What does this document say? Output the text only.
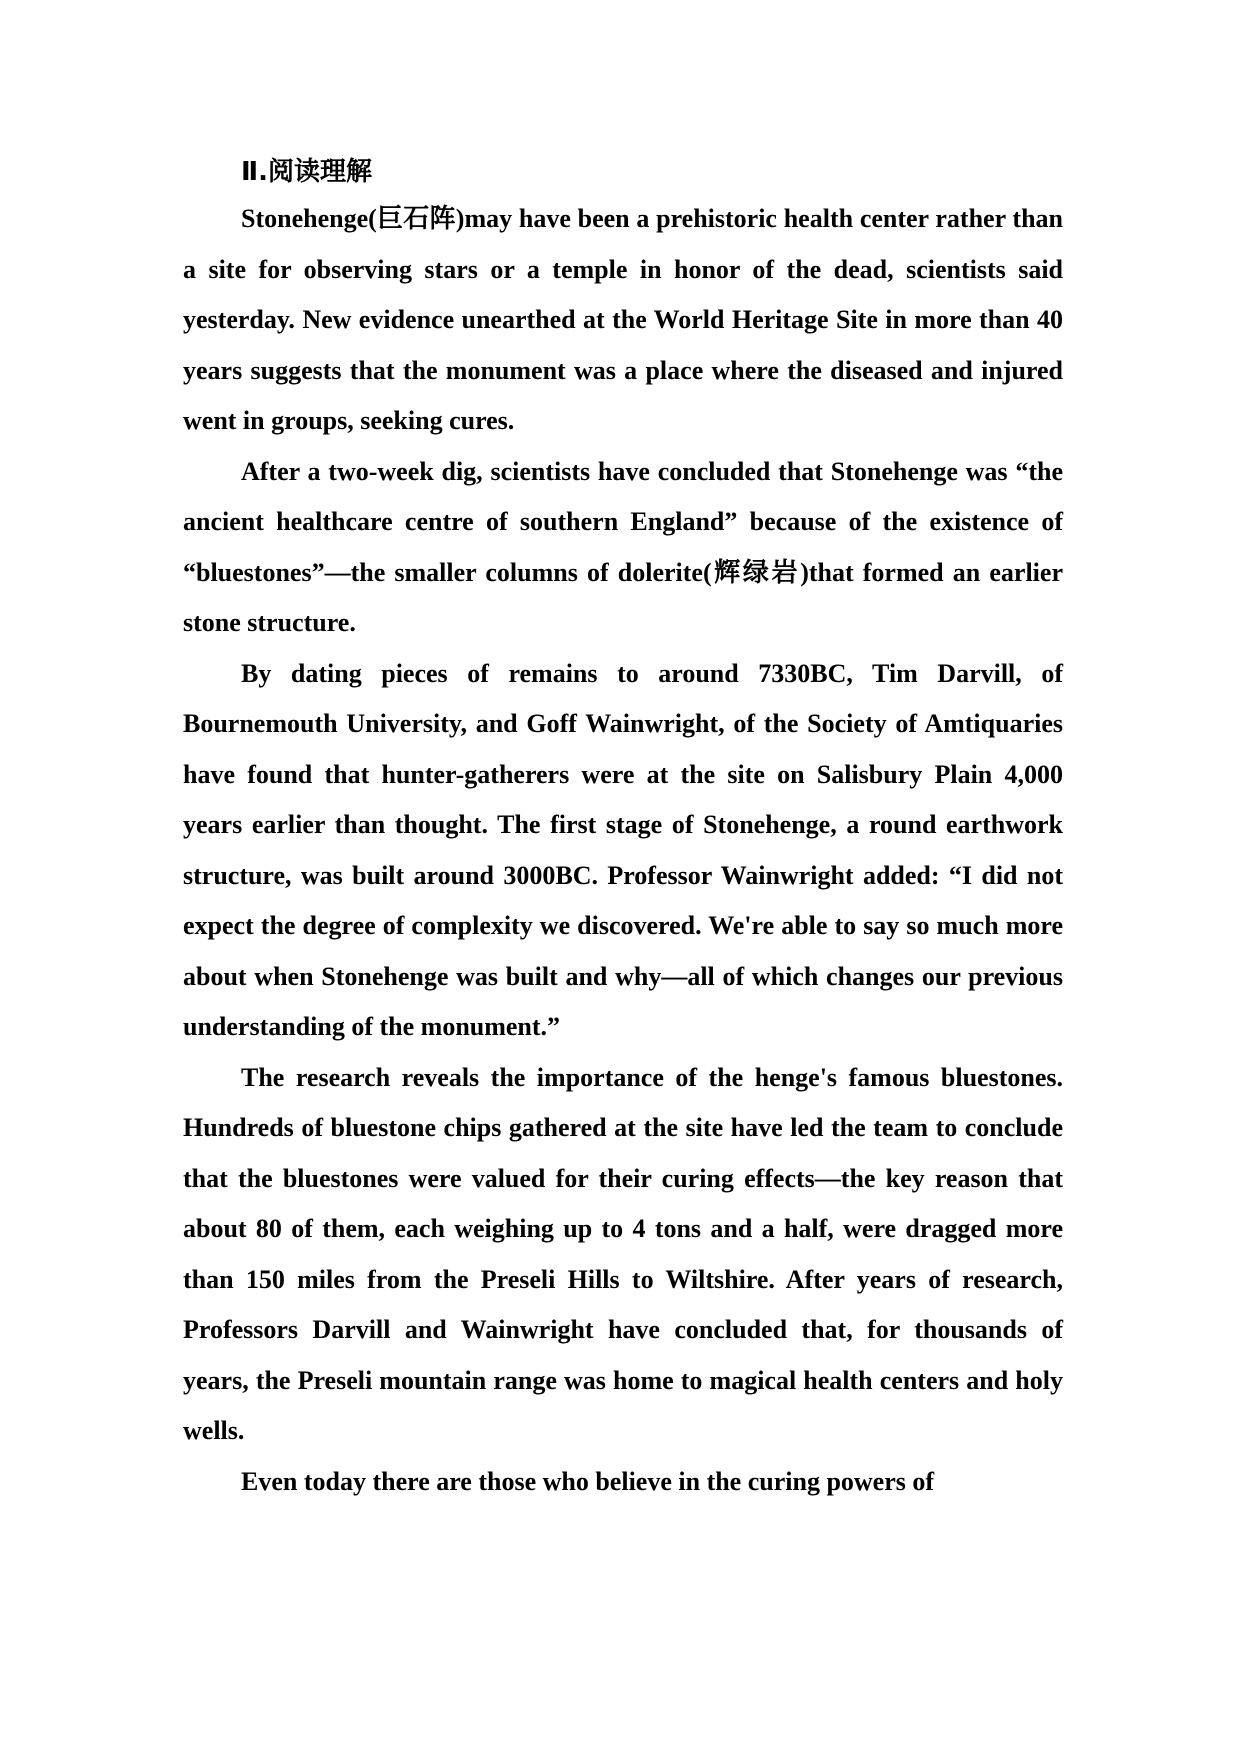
Ⅱ.阅读理解

Stonehenge(巨石阵)may have been a prehistoric health center rather than a site for observing stars or a temple in honor of the dead, scientists said yesterday. New evidence unearthed at the World Heritage Site in more than 40 years suggests that the monument was a place where the diseased and injured went in groups, seeking cures.

After a two-week dig, scientists have concluded that Stonehenge was “the ancient healthcare centre of southern England” because of the existence of “bluestones”—the smaller columns of dolerite(辉绿岩)that formed an earlier stone structure.

By dating pieces of remains to around 7330BC, Tim Darvill, of Bournemouth University, and Goff Wainwright, of the Society of Amtiquaries have found that hunter-gatherers were at the site on Salisbury Plain 4,000 years earlier than thought. The first stage of Stonehenge, a round earthwork structure, was built around 3000BC. Professor Wainwright added: “I did not expect the degree of complexity we discovered. We're able to say so much more about when Stonehenge was built and why—all of which changes our previous understanding of the monument.”

The research reveals the importance of the henge's famous bluestones. Hundreds of bluestone chips gathered at the site have led the team to conclude that the bluestones were valued for their curing effects—the key reason that about 80 of them, each weighing up to 4 tons and a half, were dragged more than 150 miles from the Preseli Hills to Wiltshire. After years of research, Professors Darvill and Wainwright have concluded that, for thousands of years, the Preseli mountain range was home to magical health centers and holy wells.

Even today there are those who believe in the curing powers of
